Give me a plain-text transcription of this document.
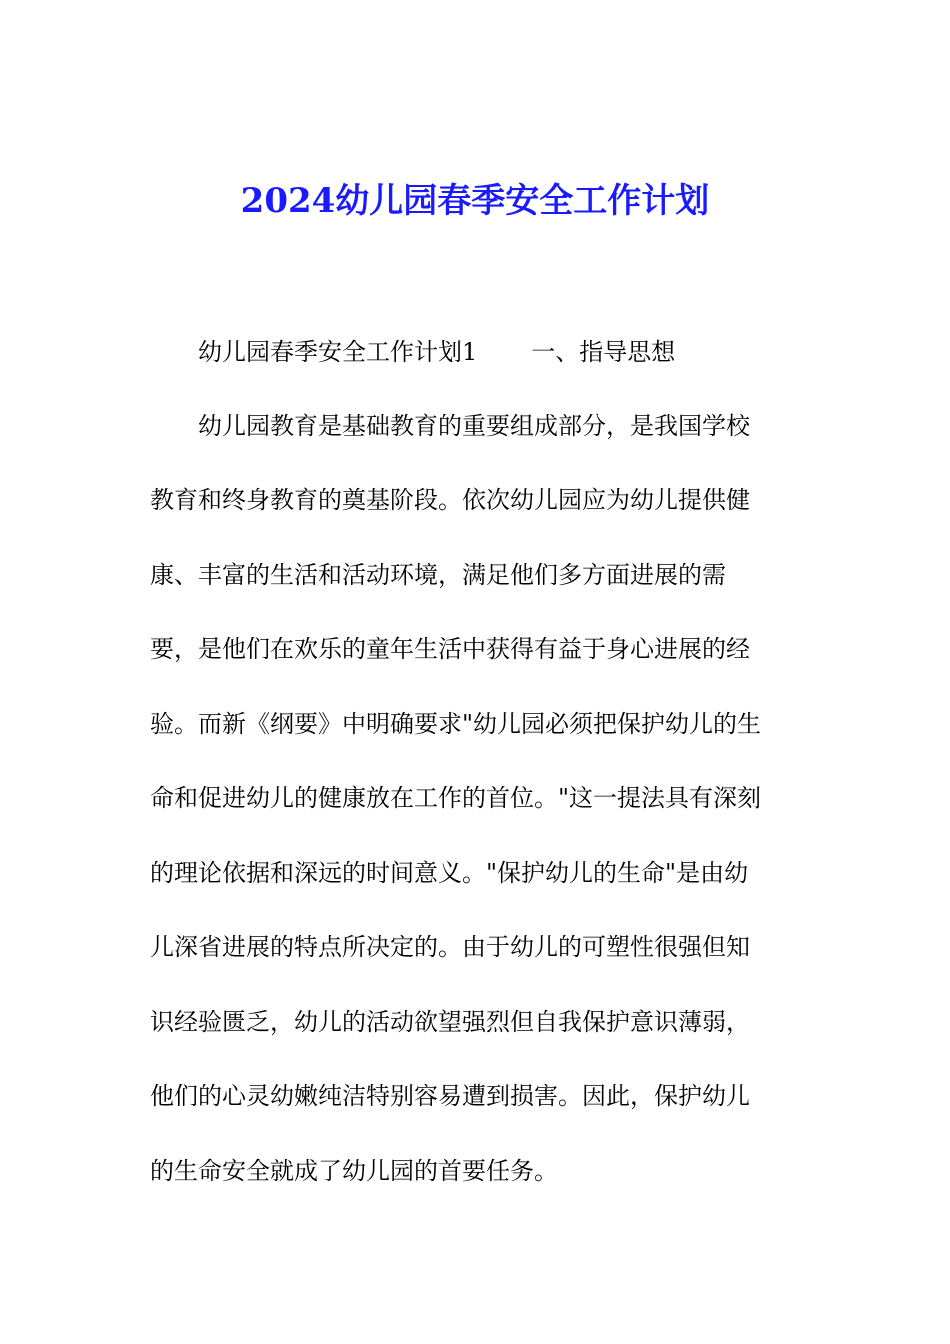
2024幼儿园春季安全工作计划
幼儿园春季安全工作计划1 一、指导思想
幼儿园教育是基础教育的重要组成部分，是我国学校
教育和终身教育的奠基阶段。依次幼儿园应为幼儿提供健
康、丰富的生活和活动环境，满足他们多方面进展的需
要，是他们在欢乐的童年生活中获得有益于身心进展的经
验。而新《纲要》中明确要求"幼儿园必须把保护幼儿的生
命和促进幼儿的健康放在工作的首位。"这一提法具有深刻
的理论依据和深远的时间意义。"保护幼儿的生命"是由幼
儿深省进展的特点所决定的。由于幼儿的可塑性很强但知
识经验匮乏，幼儿的活动欲望强烈但自我保护意识薄弱，
他们的心灵幼嫩纯洁特别容易遭到损害。因此，保护幼儿
的生命安全就成了幼儿园的首要任务。
